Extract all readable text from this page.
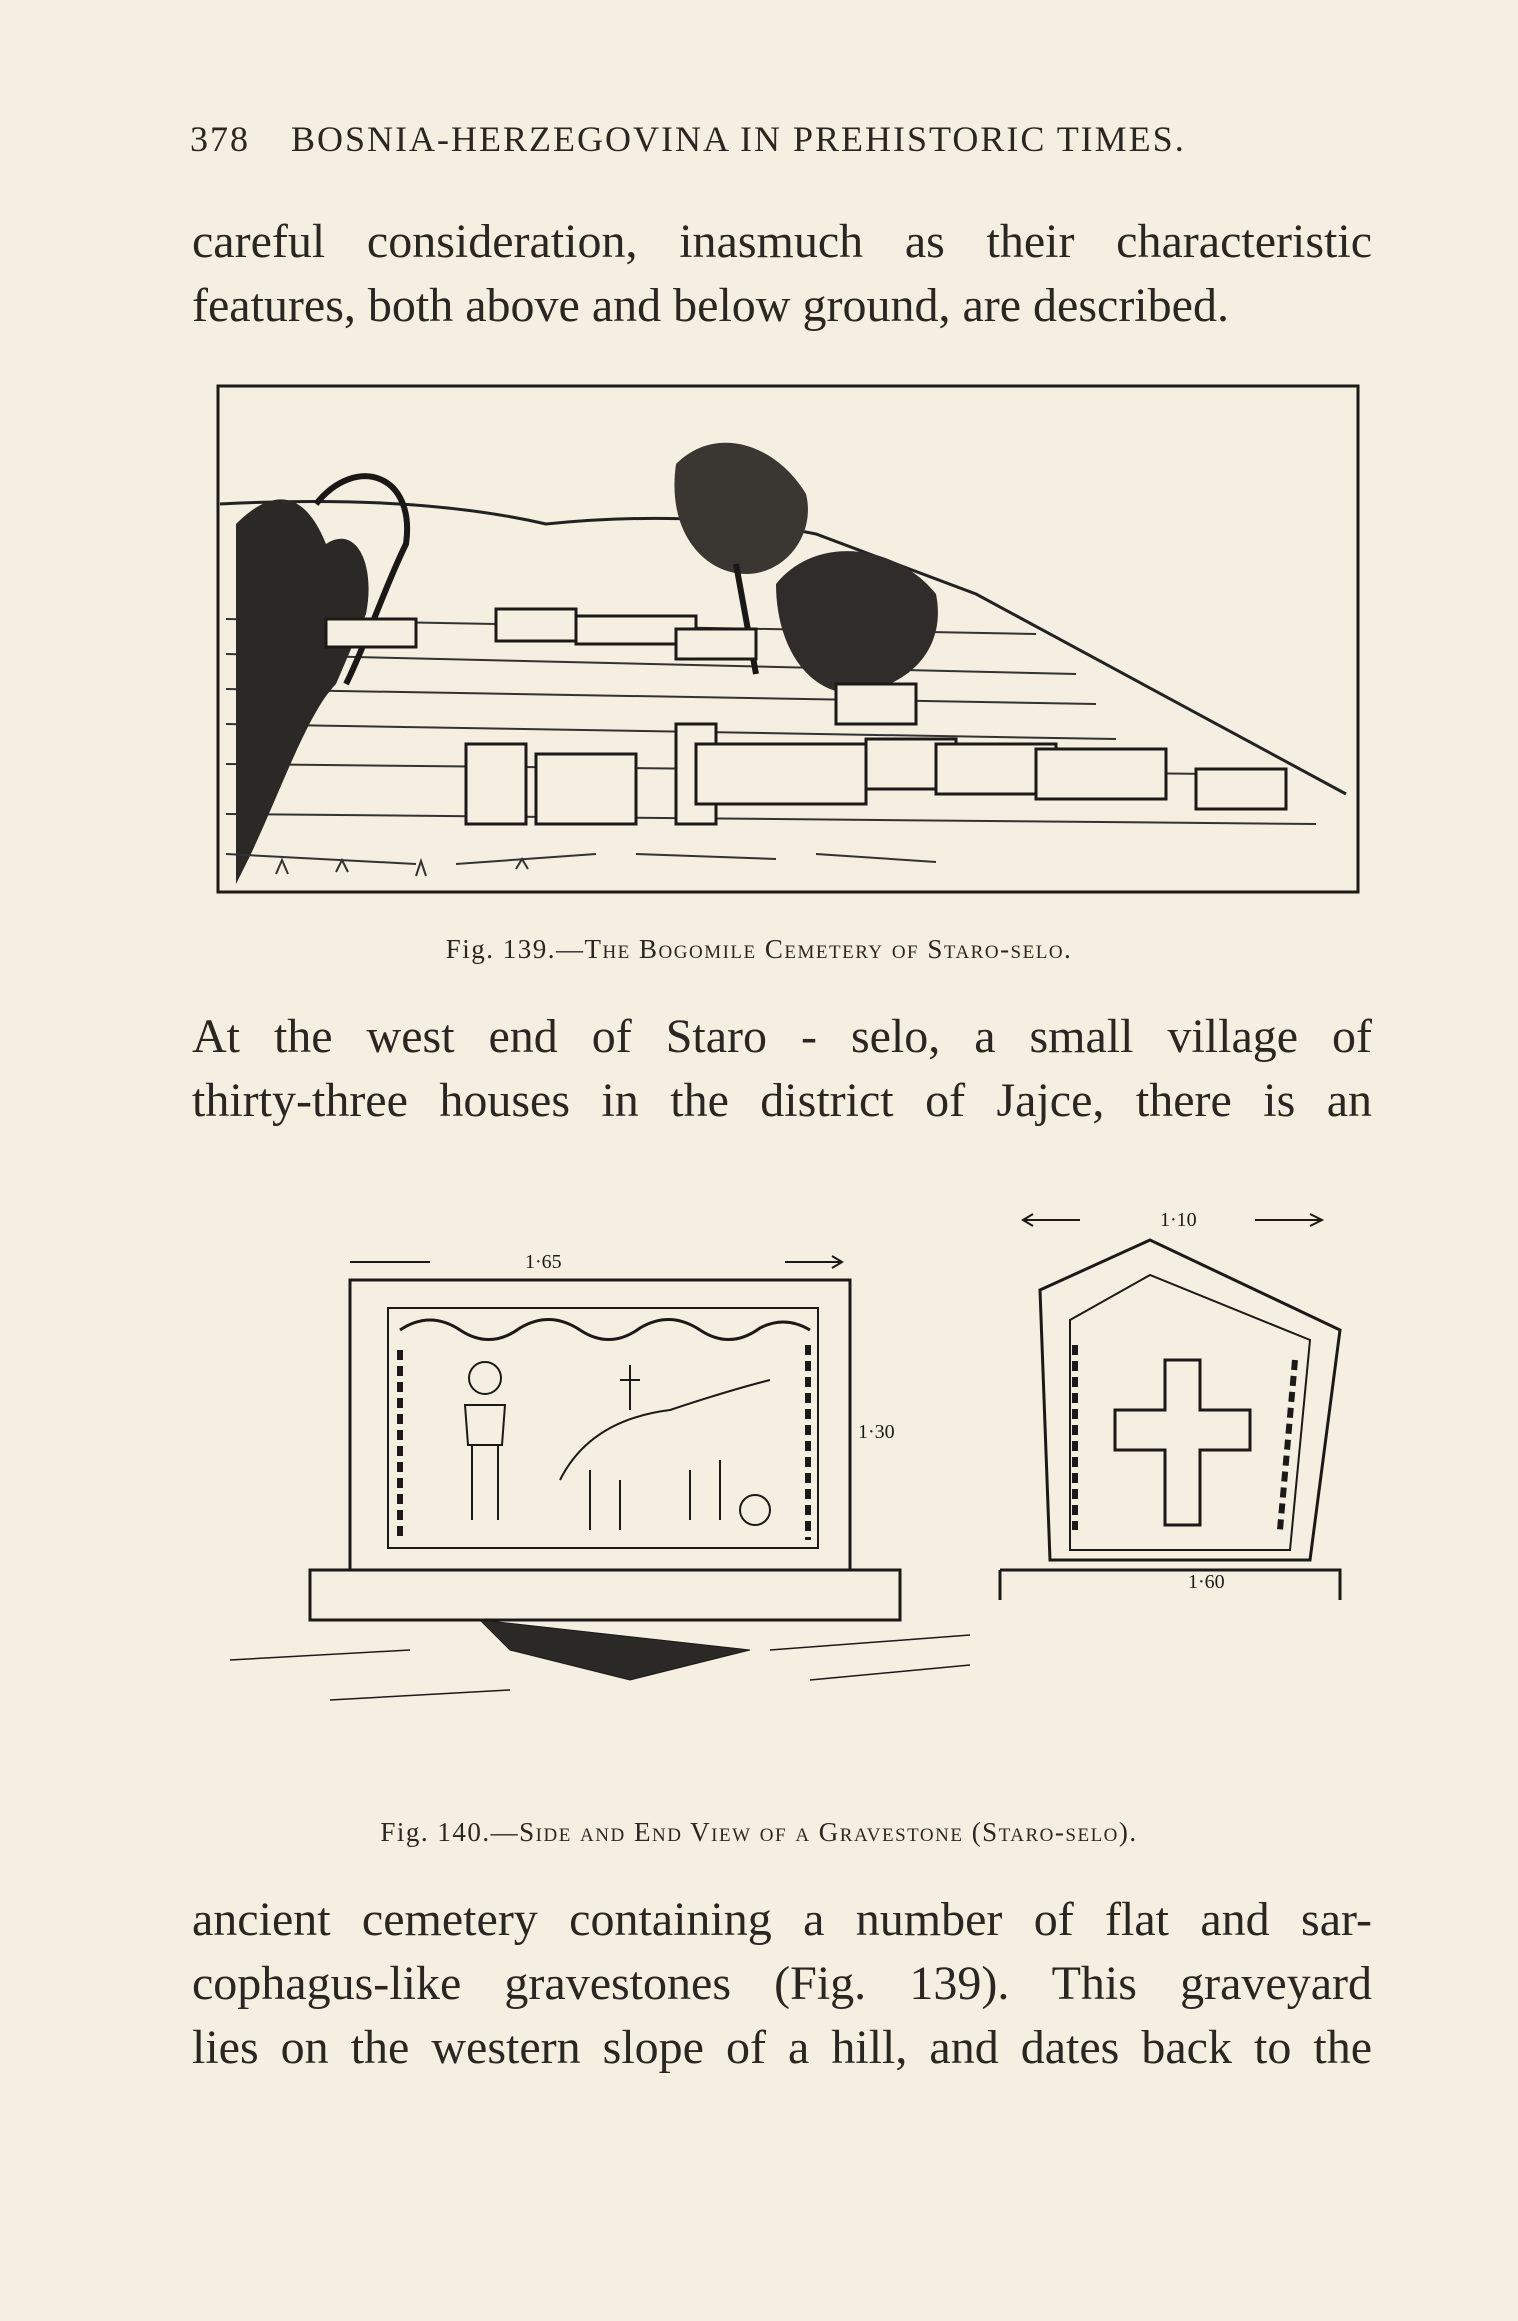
378 BOSNIA-HERZEGOVINA IN PREHISTORIC TIMES.
careful consideration, inasmuch as their characteristic
features, both above and below ground, are described.
Fig. 139.—The Bogomile Cemetery of Staro-selo.
At the west end of Staro - selo, a small village of
thirty-three houses in the district of Jajce, there is an
1·65
1·30
1·10
1·60
Fig. 140.—Side and End View of a Gravestone (Staro-selo).
ancient cemetery containing a number of flat and sar-
cophagus-like gravestones (Fig. 139). This graveyard
lies on the western slope of a hill, and dates back to the
